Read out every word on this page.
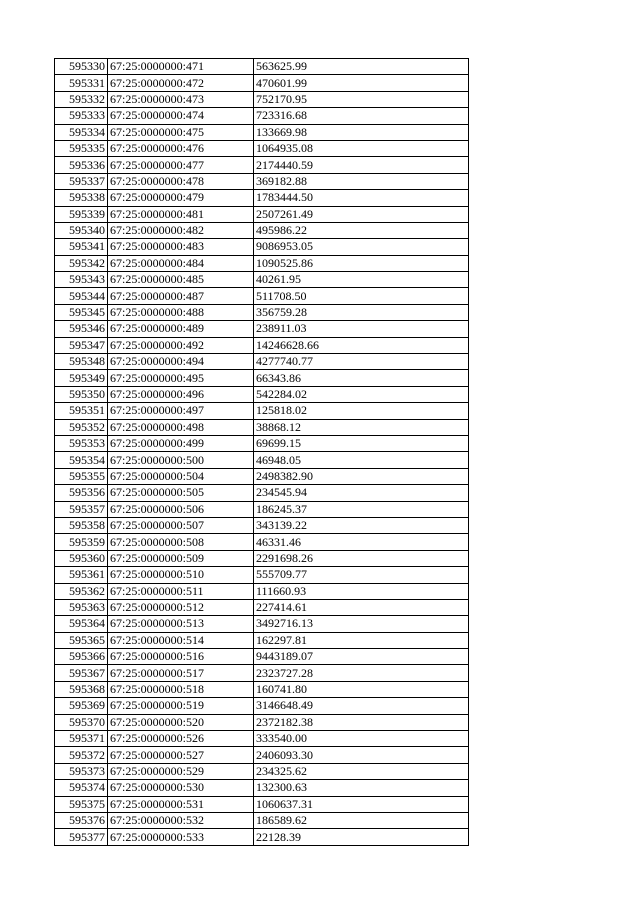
595330	67:25:0000000:471	563625.99
595331	67:25:0000000:472	470601.99
595332	67:25:0000000:473	752170.95
595333	67:25:0000000:474	723316.68
595334	67:25:0000000:475	133669.98
595335	67:25:0000000:476	1064935.08
595336	67:25:0000000:477	2174440.59
595337	67:25:0000000:478	369182.88
595338	67:25:0000000:479	1783444.50
595339	67:25:0000000:481	2507261.49
595340	67:25:0000000:482	495986.22
595341	67:25:0000000:483	9086953.05
595342	67:25:0000000:484	1090525.86
595343	67:25:0000000:485	40261.95
595344	67:25:0000000:487	511708.50
595345	67:25:0000000:488	356759.28
595346	67:25:0000000:489	238911.03
595347	67:25:0000000:492	14246628.66
595348	67:25:0000000:494	4277740.77
595349	67:25:0000000:495	66343.86
595350	67:25:0000000:496	542284.02
595351	67:25:0000000:497	125818.02
595352	67:25:0000000:498	38868.12
595353	67:25:0000000:499	69699.15
595354	67:25:0000000:500	46948.05
595355	67:25:0000000:504	2498382.90
595356	67:25:0000000:505	234545.94
595357	67:25:0000000:506	186245.37
595358	67:25:0000000:507	343139.22
595359	67:25:0000000:508	46331.46
595360	67:25:0000000:509	2291698.26
595361	67:25:0000000:510	555709.77
595362	67:25:0000000:511	111660.93
595363	67:25:0000000:512	227414.61
595364	67:25:0000000:513	3492716.13
595365	67:25:0000000:514	162297.81
595366	67:25:0000000:516	9443189.07
595367	67:25:0000000:517	2323727.28
595368	67:25:0000000:518	160741.80
595369	67:25:0000000:519	3146648.49
595370	67:25:0000000:520	2372182.38
595371	67:25:0000000:526	333540.00
595372	67:25:0000000:527	2406093.30
595373	67:25:0000000:529	234325.62
595374	67:25:0000000:530	132300.63
595375	67:25:0000000:531	1060637.31
595376	67:25:0000000:532	186589.62
595377	67:25:0000000:533	22128.39
